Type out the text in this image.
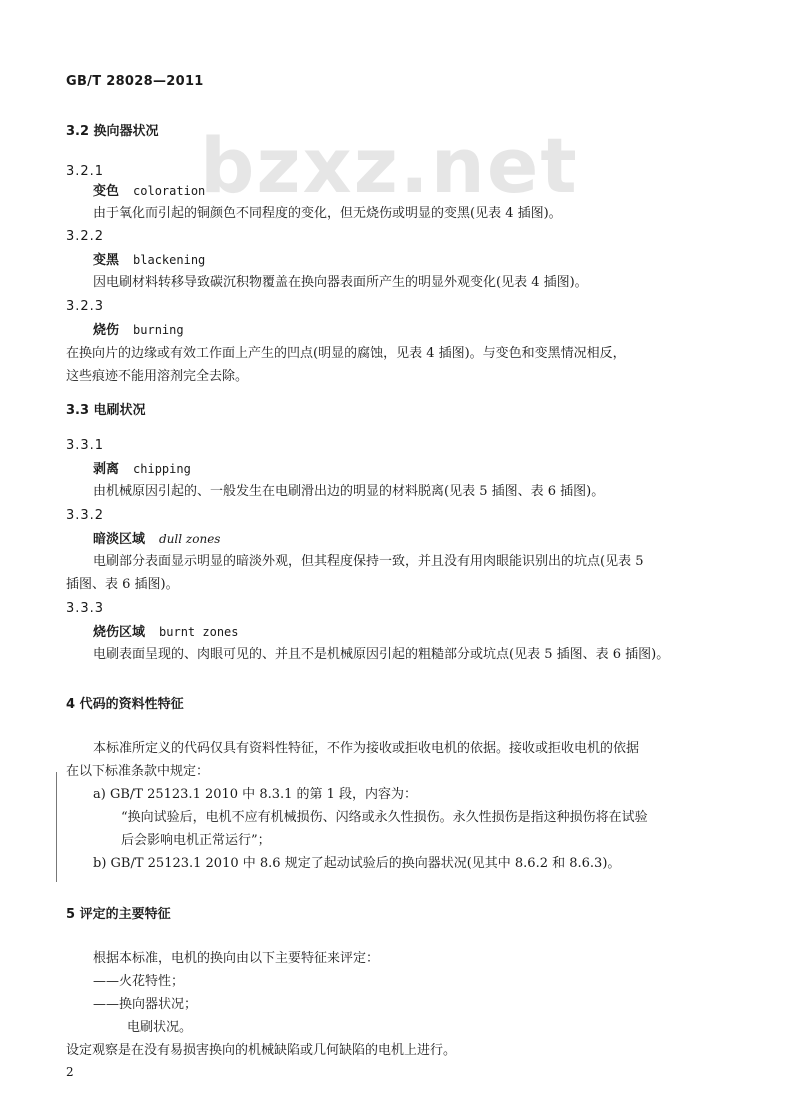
bzxz.net
GB/T 28028—2011
3.2 换向器状况
3.2.1
变色 coloration
由于氧化而引起的铜颜色不同程度的变化，但无烧伤或明显的变黑(见表 4 插图)。
3.2.2
变黑 blackening
因电刷材料转移导致碳沉积物覆盖在换向器表面所产生的明显外观变化(见表 4 插图)。
3.2.3
烧伤 burning
在换向片的边缘或有效工作面上产生的凹点(明显的腐蚀，见表 4 插图)。与变色和变黑情况相反，
这些痕迹不能用溶剂完全去除。
3.3 电刷状况
3.3.1
剥离 chipping
由机械原因引起的、一般发生在电刷滑出边的明显的材料脱离(见表 5 插图、表 6 插图)。
3.3.2
暗淡区域 dull zones
电刷部分表面显示明显的暗淡外观，但其程度保持一致，并且没有用肉眼能识别出的坑点(见表 5
插图、表 6 插图)。
3.3.3
烧伤区域 burnt zones
电刷表面呈现的、肉眼可见的、并且不是机械原因引起的粗糙部分或坑点(见表 5 插图、表 6 插图)。
4 代码的资料性特征
本标准所定义的代码仅具有资料性特征，不作为接收或拒收电机的依据。接收或拒收电机的依据
在以下标准条款中规定：
a) GB/T 25123.1 2010 中 8.3.1 的第 1 段，内容为：
“换向试验后，电机不应有机械损伤、闪络或永久性损伤。永久性损伤是指这种损伤将在试验
后会影响电机正常运行”；
b) GB/T 25123.1 2010 中 8.6 规定了起动试验后的换向器状况(见其中 8.6.2 和 8.6.3)。
5 评定的主要特征
根据本标准，电机的换向由以下主要特征来评定：
——火花特性；
——换向器状况；
电刷状况。
设定观察是在没有易损害换向的机械缺陷或几何缺陷的电机上进行。
2
